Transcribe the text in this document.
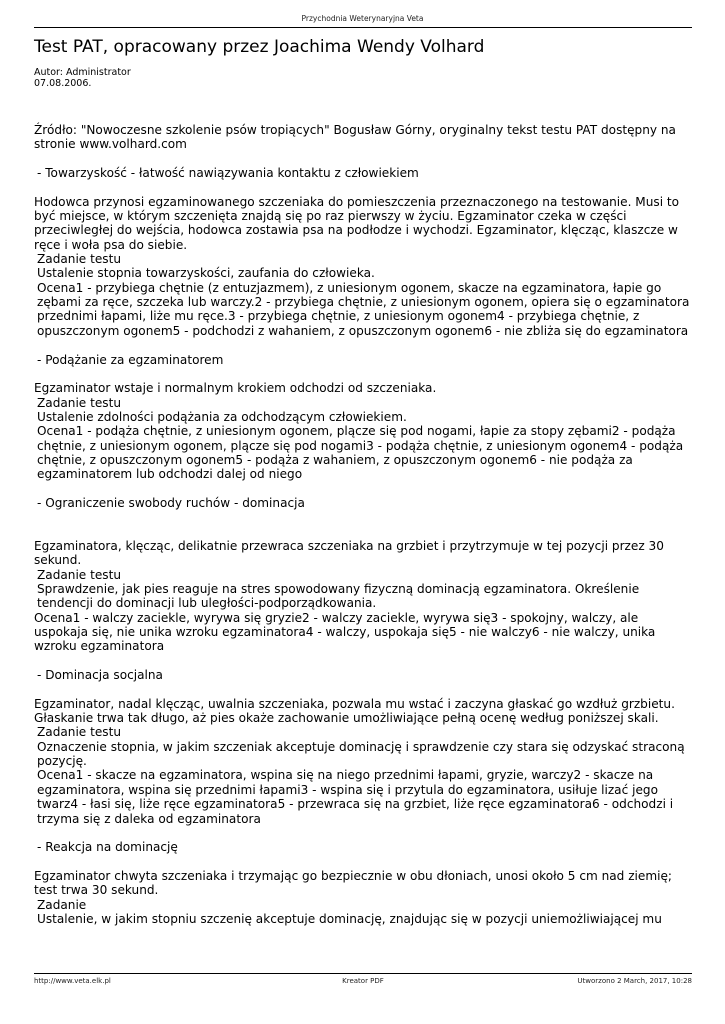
Przychodnia Weterynaryjna Veta
Test PAT, opracowany przez Joachima Wendy Volhard
Autor: Administrator
07.08.2006.

Źródło: "Nowoczesne szkolenie psów tropiących" Bogusław Górny, oryginalny tekst testu PAT dostępny na stronie www.volhard.com

- Towarzyskość - łatwość nawiązywania kontaktu z człowiekiem

Hodowca przynosi egzaminowanego szczeniaka do pomieszczenia przeznaczonego na testowanie. Musi to być miejsce, w którym szczenięta znajdą się po raz pierwszy w życiu. Egzaminator czeka w części przeciwległej do wejścia, hodowca zostawia psa na podłodze i wychodzi. Egzaminator, klęcząc, klaszcze w ręce i woła psa do siebie.

Zadanie testu

Ustalenie stopnia towarzyskości, zaufania do człowieka.

Ocena1 - przybiega chętnie (z entuzjazmem), z uniesionym ogonem, skacze na egzaminatora, łapie go zębami za ręce, szczeka lub warczy.2 - przybiega chętnie, z uniesionym ogonem, opiera się o egzaminatora przednimi łapami, liże mu ręce.3 - przybiega chętnie, z uniesionym ogonem4 - przybiega chętnie, z opuszczonym ogonem5 - podchodzi z wahaniem, z opuszczonym ogonem6 - nie zbliża się do egzaminatora

- Podążanie za egzaminatorem

Egzaminator wstaje i normalnym krokiem odchodzi od szczeniaka.

Zadanie testu

Ustalenie zdolności podążania za odchodzącym człowiekiem.

Ocena1 - podąża chętnie, z uniesionym ogonem, plącze się pod nogami, łapie za stopy zębami2 - podąża chętnie, z uniesionym ogonem, plącze się pod nogami3 - podąża chętnie, z uniesionym ogonem4 - podąża chętnie, z opuszczonym ogonem5 - podąża z wahaniem, z opuszczonym ogonem6 - nie podąża za egzaminatorem lub odchodzi dalej od niego

- Ograniczenie swobody ruchów - dominacja

Egzaminatora, klęcząc, delikatnie przewraca szczeniaka na grzbiet i przytrzymuje w tej pozycji przez 30 sekund.

Zadanie testu

Sprawdzenie, jak pies reaguje na stres spowodowany fizyczną dominacją egzaminatora. Określenie tendencji do dominacji lub uległości-podporządkowania.

Ocena1 - walczy zaciekle, wyrywa się gryzie2 - walczy zaciekle, wyrywa się3 - spokojny, walczy, ale uspokaja się, nie unika wzroku egzaminatora4 - walczy, uspokaja się5 - nie walczy6 - nie walczy, unika wzroku egzaminatora

- Dominacja socjalna

Egzaminator, nadal klęcząc, uwalnia szczeniaka, pozwala mu wstać i zaczyna głaskać go wzdłuż grzbietu. Głaskanie trwa tak długo, aż pies okaże zachowanie umożliwiające pełną ocenę według poniższej skali.

Zadanie testu

Oznaczenie stopnia, w jakim szczeniak akceptuje dominację i sprawdzenie czy stara się odzyskać straconą pozycję.

Ocena1 - skacze na egzaminatora, wspina się na niego przednimi łapami, gryzie, warczy2 - skacze na egzaminatora, wspina się przednimi łapami3 - wspina się i przytula do egzaminatora, usiłuje lizać jego twarz4 - łasi się, liże ręce egzaminatora5 - przewraca się na grzbiet, liże ręce egzaminatora6 - odchodzi i trzyma się z daleka od egzaminatora

- Reakcja na dominację

Egzaminator chwyta szczeniaka i trzymając go bezpiecznie w obu dłoniach, unosi około 5 cm nad ziemię; test trwa 30 sekund.

Zadanie

Ustalenie, w jakim stopniu szczenię akceptuje dominację, znajdując się w pozycji uniemożliwiającej mu

http://www.veta.elk.pl	Kreator PDF	Utworzono 2 March, 2017, 10:28
